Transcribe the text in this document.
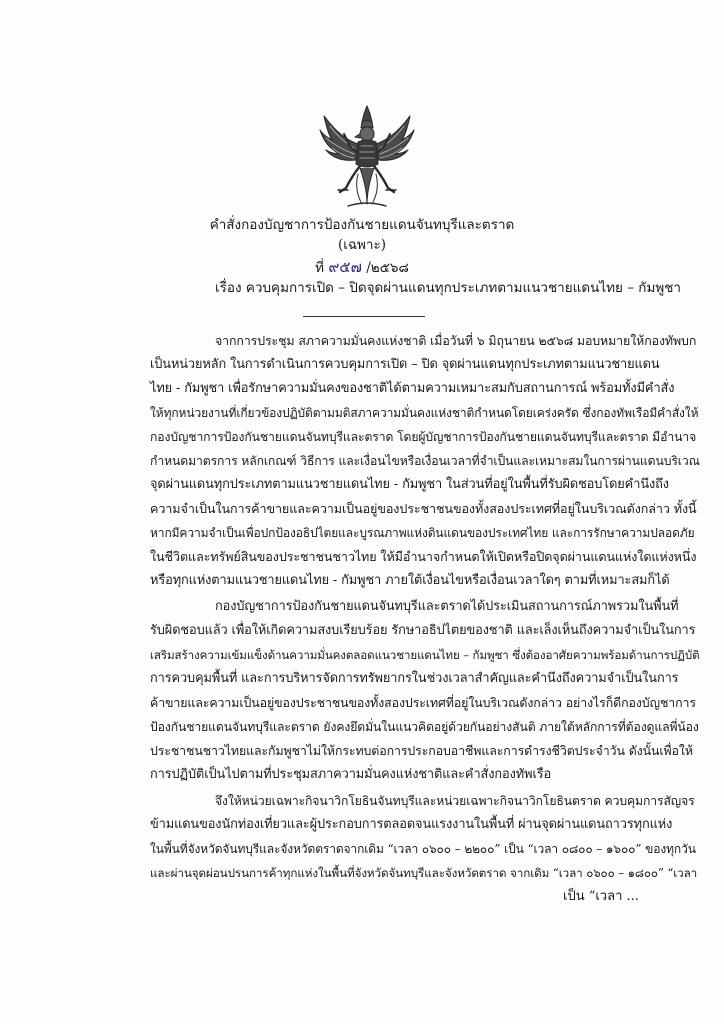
คำสั่งกองบัญชาการป้องกันชายแดนจันทบุรีและตราด
(เฉพาะ)
ที่ ๙๕๗ /๒๕๖๘
เรื่อง ควบคุมการเปิด – ปิดจุดผ่านแดนทุกประเภทตามแนวชายแดนไทย – กัมพูชา
จากการประชุม สภาความมั่นคงแห่งชาติ เมื่อวันที่ ๖ มิถุนายน ๒๕๖๘ มอบหมายให้กองทัพบก
เป็นหน่วยหลัก ในการดำเนินการควบคุมการเปิด – ปิด จุดผ่านแดนทุกประเภทตามแนวชายแดน
ไทย - กัมพูชา เพื่อรักษาความมั่นคงของชาติได้ตามความเหมาะสมกับสถานการณ์ พร้อมทั้งมีคำสั่ง
ให้ทุกหน่วยงานที่เกี่ยวข้องปฏิบัติตามมติสภาความมั่นคงแห่งชาติกำหนดโดยเคร่งครัด ซึ่งกองทัพเรือมีคำสั่งให้
กองบัญชาการป้องกันชายแดนจันทบุรีและตราด โดยผู้บัญชาการป้องกันชายแดนจันทบุรีและตราด มีอำนาจ
กำหนดมาตรการ หลักเกณฑ์ วิธีการ และเงื่อนไขหรือเงื่อนเวลาที่จำเป็นและเหมาะสมในการผ่านแดนบริเวณ
จุดผ่านแดนทุกประเภทตามแนวชายแดนไทย - กัมพูชา ในส่วนที่อยู่ในพื้นที่รับผิดชอบโดยคำนึงถึง
ความจำเป็นในการค้าขายและความเป็นอยู่ของประชาชนของทั้งสองประเทศที่อยู่ในบริเวณดังกล่าว ทั้งนี้
หากมีความจำเป็นเพื่อปกป้องอธิปไตยและบูรณภาพแห่งดินแดนของประเทศไทย และการรักษาความปลอดภัย
ในชีวิตและทรัพย์สินของประชาชนชาวไทย ให้มีอำนาจกำหนดให้เปิดหรือปิดจุดผ่านแดนแห่งใดแห่งหนึ่ง
หรือทุกแห่งตามแนวชายแดนไทย - กัมพูชา ภายใต้เงื่อนไขหรือเงื่อนเวลาใดๆ ตามที่เหมาะสมก็ได้
กองบัญชาการป้องกันชายแดนจันทบุรีและตราดได้ประเมินสถานการณ์ภาพรวมในพื้นที่
รับผิดชอบแล้ว เพื่อให้เกิดความสงบเรียบร้อย รักษาอธิปไตยของชาติ และเล็งเห็นถึงความจำเป็นในการ
เสริมสร้างความเข้มแข็งด้านความมั่นคงตลอดแนวชายแดนไทย – กัมพูชา ซึ่งต้องอาศัยความพร้อมด้านการปฏิบัติ
การควบคุมพื้นที่ และการบริหารจัดการทรัพยากรในช่วงเวลาสำคัญและคำนึงถึงความจำเป็นในการ
ค้าขายและความเป็นอยู่ของประชาชนของทั้งสองประเทศที่อยู่ในบริเวณดังกล่าว อย่างไรก็ดีกองบัญชาการ
ป้องกันชายแดนจันทบุรีและตราด ยังคงยึดมั่นในแนวคิดอยู่ด้วยกันอย่างสันติ ภายใต้หลักการที่ต้องดูแลพี่น้อง
ประชาชนชาวไทยและกัมพูชาไม่ให้กระทบต่อการประกอบอาชีพและการดำรงชีวิตประจำวัน ดังนั้นเพื่อให้
การปฏิบัติเป็นไปตามที่ประชุมสภาความมั่นคงแห่งชาติและคำสั่งกองทัพเรือ
จึงให้หน่วยเฉพาะกิจนาวิกโยธินจันทบุรีและหน่วยเฉพาะกิจนาวิกโยธินตราด ควบคุมการสัญจร
ข้ามแดนของนักท่องเที่ยวและผู้ประกอบการตลอดจนแรงงานในพื้นที่ ผ่านจุดผ่านแดนถาวรทุกแห่ง
ในพื้นที่จังหวัดจันทบุรีและจังหวัดตราดจากเดิม “เวลา ๐๖๐๐ – ๒๒๐๐” เป็น “เวลา ๐๘๐๐ – ๑๖๐๐” ของทุกวัน
และผ่านจุดผ่อนปรนการค้าทุกแห่งในพื้นที่จังหวัดจันทบุรีและจังหวัดตราด จากเดิม “เวลา ๐๖๐๐ – ๑๘๐๐” “เวลา
เป็น “เวลา ...
